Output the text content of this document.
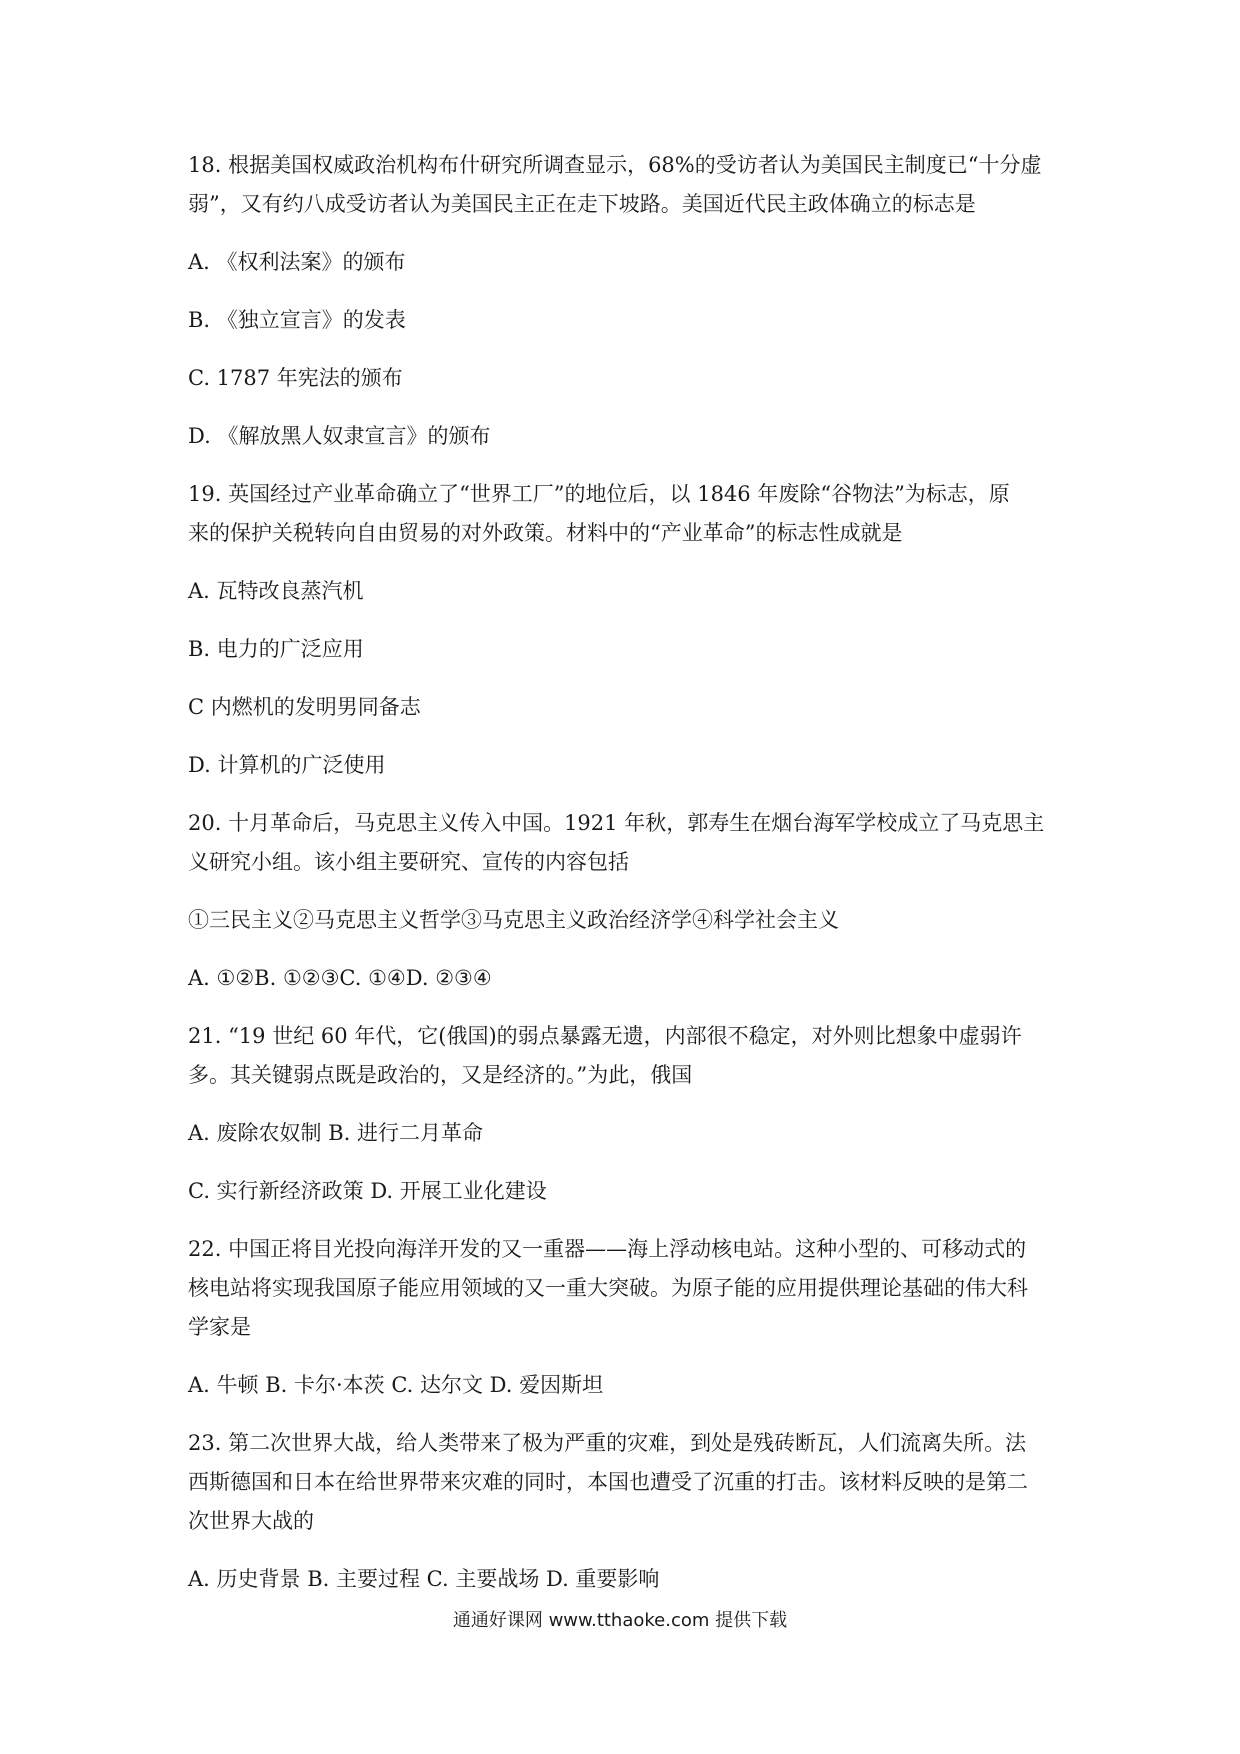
18. 根据美国权威政治机构布什研究所调查显示，68%的受访者认为美国民主制度已“十分虚
弱”，又有约八成受访者认为美国民主正在走下坡路。美国近代民主政体确立的标志是

A. 《权利法案》的颁布

B. 《独立宣言》的发表

C. 1787 年宪法的颁布

D. 《解放黑人奴隶宣言》的颁布

19. 英国经过产业革命确立了“世界工厂”的地位后，以 1846 年废除“谷物法”为标志，原
来的保护关税转向自由贸易的对外政策。材料中的“产业革命”的标志性成就是

A. 瓦特改良蒸汽机

B. 电力的广泛应用

C 内燃机的发明男同备志

D. 计算机的广泛使用

20. 十月革命后，马克思主义传入中国。1921 年秋，郭寿生在烟台海军学校成立了马克思主
义研究小组。该小组主要研究、宣传的内容包括

①三民主义②马克思主义哲学③马克思主义政治经济学④科学社会主义

A. ①②B. ①②③C. ①④D. ②③④

21. “19 世纪 60 年代，它(俄国)的弱点暴露无遗，内部很不稳定，对外则比想象中虚弱许
多。其关键弱点既是政治的，又是经济的。”为此，俄国

A. 废除农奴制 B. 进行二月革命

C. 实行新经济政策 D. 开展工业化建设

22. 中国正将目光投向海洋开发的又一重器——海上浮动核电站。这种小型的、可移动式的
核电站将实现我国原子能应用领域的又一重大突破。为原子能的应用提供理论基础的伟大科
学家是

A. 牛顿 B. 卡尔·本茨 C. 达尔文 D. 爱因斯坦

23. 第二次世界大战，给人类带来了极为严重的灾难，到处是残砖断瓦，人们流离失所。法
西斯德国和日本在给世界带来灾难的同时，本国也遭受了沉重的打击。该材料反映的是第二
次世界大战的

A. 历史背景 B. 主要过程 C. 主要战场 D. 重要影响

通通好课网 www.tthaoke.com 提供下载
